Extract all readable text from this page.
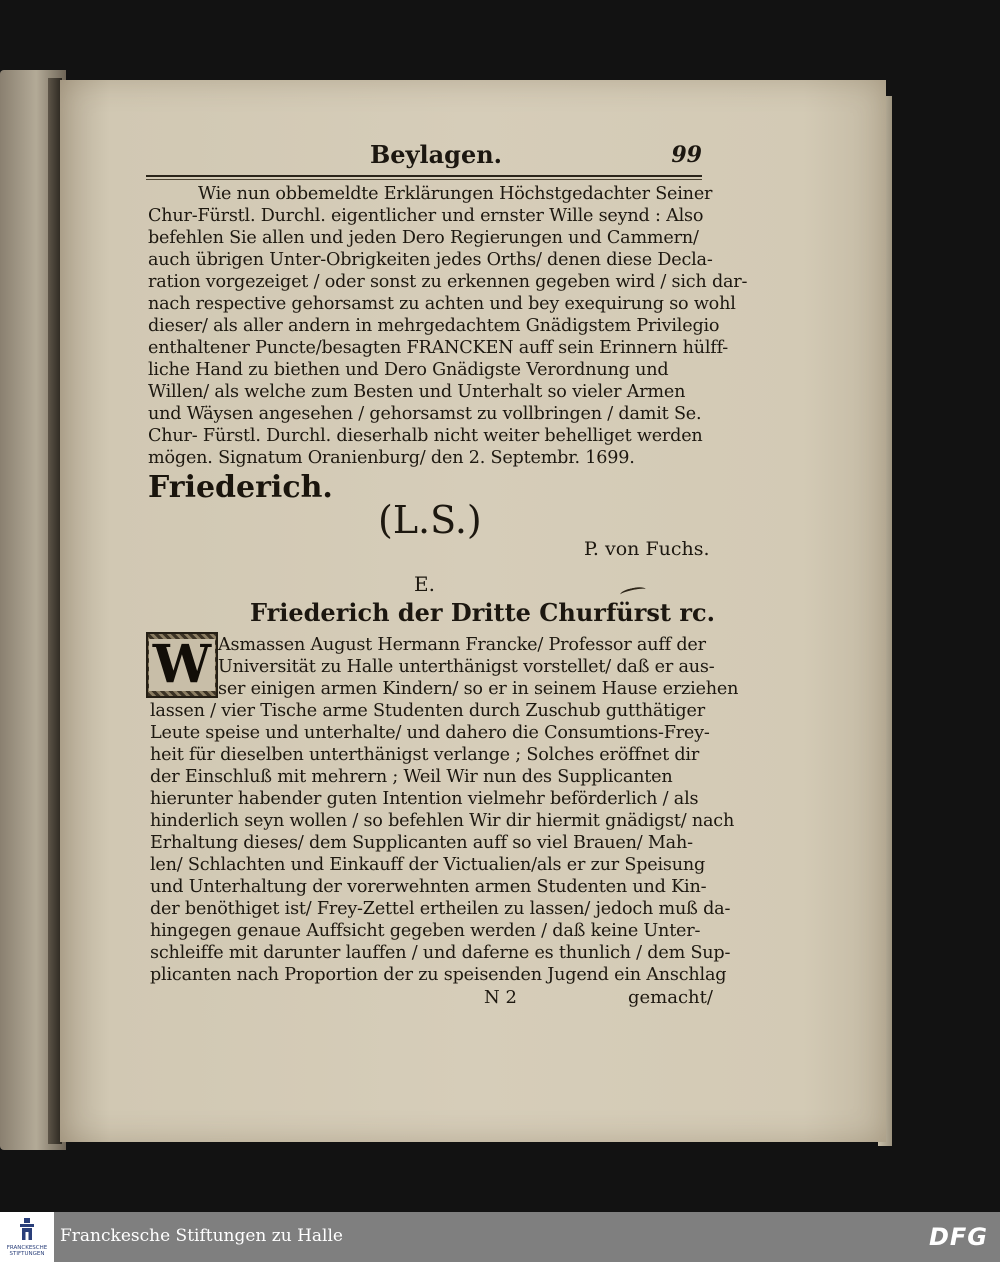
Beylagen.	99
Wie nun obbemeldte Erklärungen Höchstgedachter Seiner
Chur-Fürstl. Durchl. eigentlicher und ernster Wille seynd : Also
befehlen Sie allen und jeden Dero Regierungen und Cammern/
auch übrigen Unter-Obrigkeiten jedes Orths/ denen diese Decla-
ration vorgezeiget / oder sonst zu erkennen gegeben wird / sich dar-
nach respective gehorsamst zu achten und bey exequirung so wohl
dieser/ als aller andern in mehrgedachtem Gnädigstem Privilegio
enthaltener Puncte/besagten FRANCKEN auff sein Erinnern hülff-
liche Hand zu biethen und Dero Gnädigste Verordnung und
Willen/ als welche zum Besten und Unterhalt so vieler Armen
und Wäysen angesehen / gehorsamst zu vollbringen / damit Se.
Chur- Fürstl. Durchl. dieserhalb nicht weiter behelliget werden
mögen. Signatum Oranienburg/ den 2. Septembr. 1699.
Friederich.
(L.S.)
P. von Fuchs.
E.
Friederich der Dritte Churfürst rc.
W Asmassen August Hermann Francke/ Professor auff der
Universität zu Halle unterthänigst vorstellet/ daß er aus-
ser einigen armen Kindern/ so er in seinem Hause erziehen
lassen / vier Tische arme Studenten durch Zuschub gutthätiger
Leute speise und unterhalte/ und dahero die Consumtions-Frey-
heit für dieselben unterthänigst verlange ; Solches eröffnet dir
der Einschluß mit mehrern ; Weil Wir nun des Supplicanten
hierunter habender guten Intention vielmehr beförderlich / als
hinderlich seyn wollen / so befehlen Wir dir hiermit gnädigst/ nach
Erhaltung dieses/ dem Supplicanten auff so viel Brauen/ Mah-
len/ Schlachten und Einkauff der Victualien/als er zur Speisung
und Unterhaltung der vorerwehnten armen Studenten und Kin-
der benöthiget ist/ Frey-Zettel ertheilen zu lassen/ jedoch muß da-
hingegen genaue Auffsicht gegeben werden / daß keine Unter-
schleiffe mit darunter lauffen / und daferne es thunlich / dem Sup-
plicanten nach Proportion der zu speisenden Jugend ein Anschlag
N 2	gemacht/
FRANCKESCHE STIFTUNGEN
Franckesche Stiftungen zu Halle	DFG
